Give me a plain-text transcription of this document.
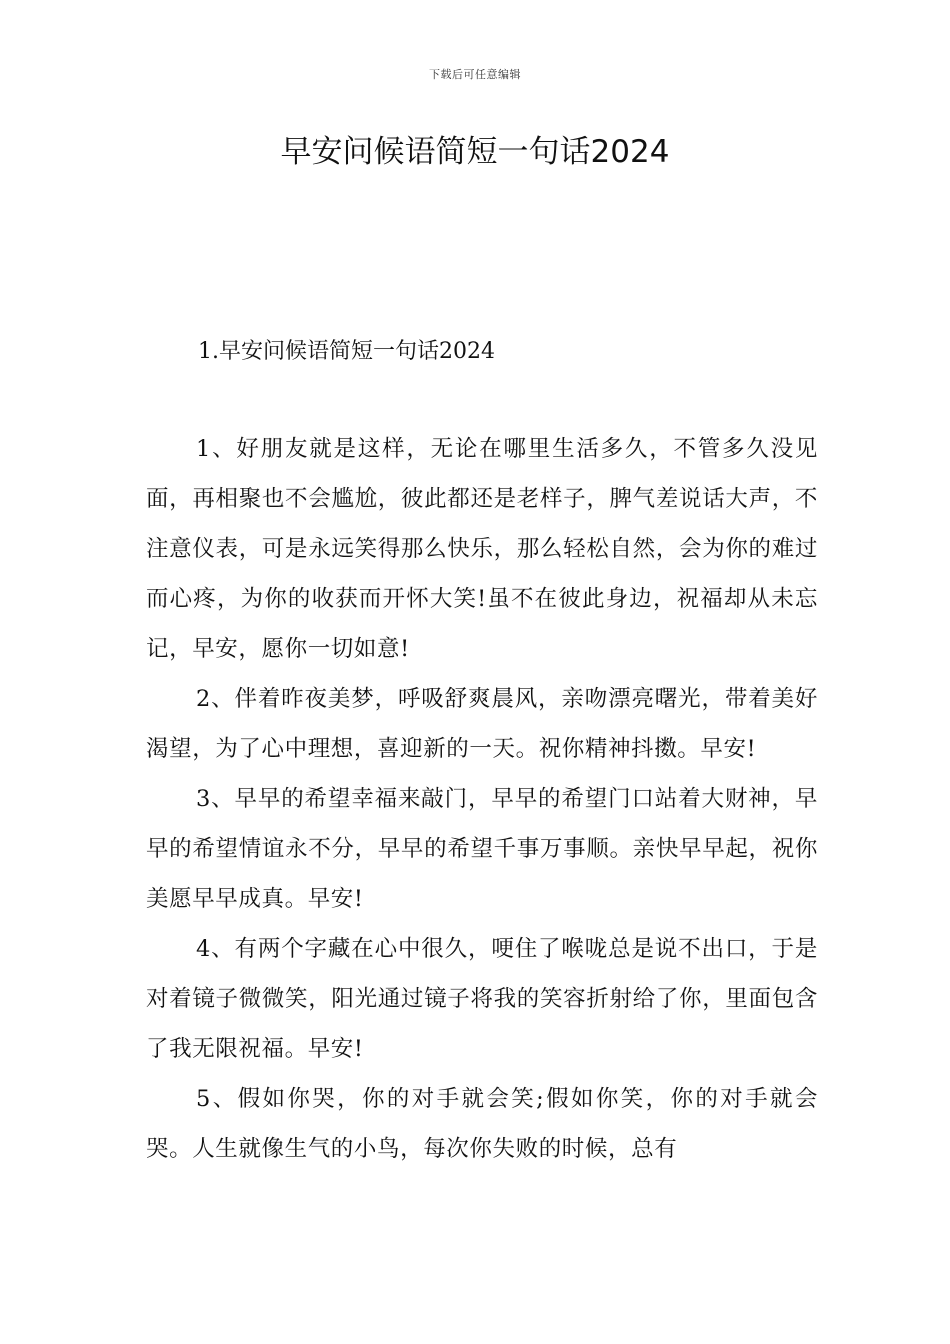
下载后可任意编辑
早安问候语简短一句话2024
1.早安问候语简短一句话2024

1、好朋友就是这样，无论在哪里生活多久，不管多久没见面，再相聚也不会尴尬，彼此都还是老样子，脾气差说话大声，不注意仪表，可是永远笑得那么快乐，那么轻松自然，会为你的难过而心疼，为你的收获而开怀大笑!虽不在彼此身边，祝福却从未忘记，早安，愿你一切如意!

2、伴着昨夜美梦，呼吸舒爽晨风，亲吻漂亮曙光，带着美好渴望，为了心中理想，喜迎新的一天。祝你精神抖擞。早安!

3、早早的希望幸福来敲门，早早的希望门口站着大财神，早早的希望情谊永不分，早早的希望千事万事顺。亲快早早起，祝你美愿早早成真。早安!

4、有两个字藏在心中很久，哽住了喉咙总是说不出口，于是对着镜子微微笑，阳光通过镜子将我的笑容折射给了你，里面包含了我无限祝福。早安!

5、假如你哭，你的对手就会笑;假如你笑，你的对手就会哭。人生就像生气的小鸟，每次你失败的时候，总有
